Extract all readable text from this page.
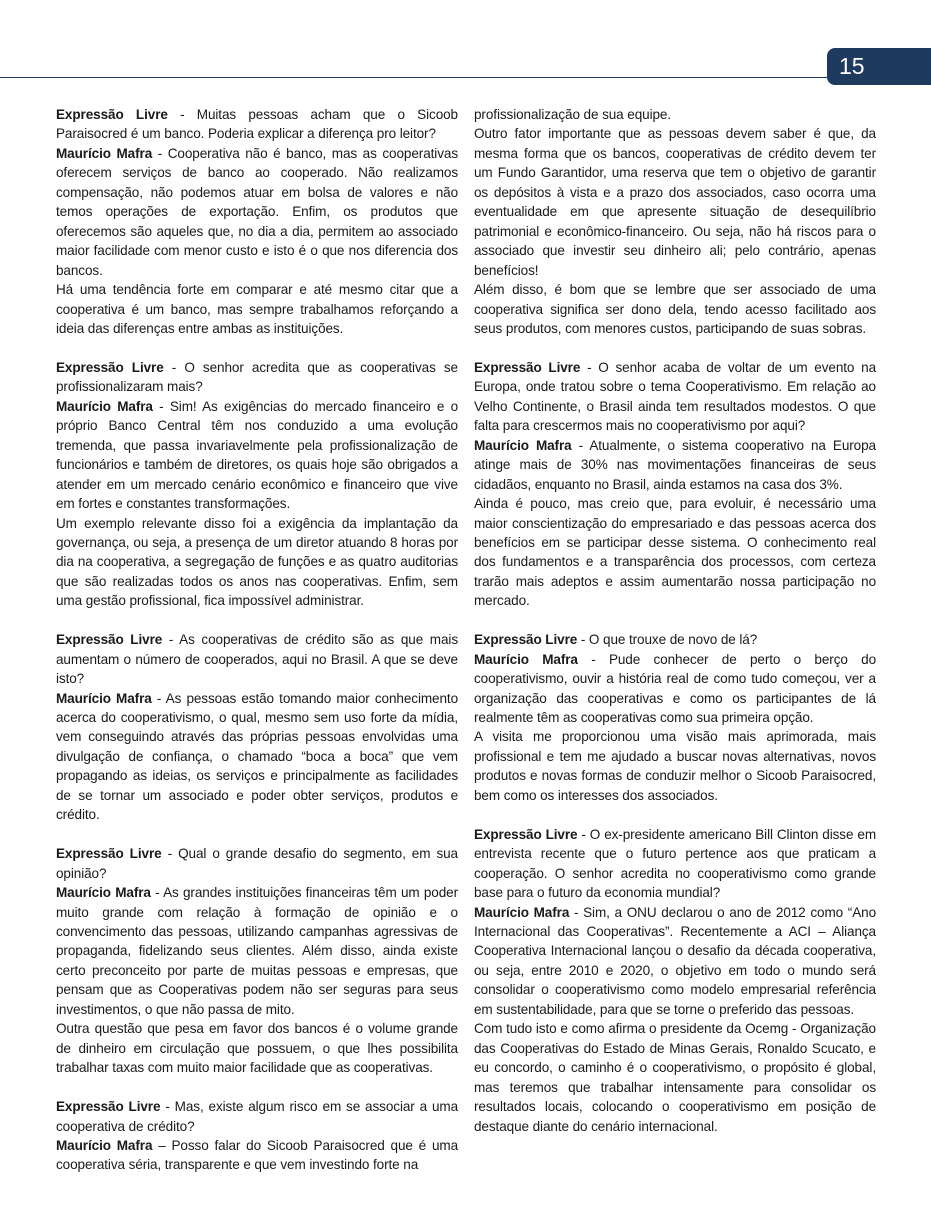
15

Expressão Livre - Muitas pessoas acham que o Sicoob Paraisocred é um banco. Poderia explicar a diferença pro leitor?

Maurício Mafra - Cooperativa não é banco, mas as cooperativas oferecem serviços de banco ao cooperado. Não realizamos compensação, não podemos atuar em bolsa de valores e não temos operações de exportação. Enfim, os produtos que oferecemos são aqueles que, no dia a dia, permitem ao associado maior facilidade com menor custo e isto é o que nos diferencia dos bancos.

Há uma tendência forte em comparar e até mesmo citar que a cooperativa é um banco, mas sempre trabalhamos reforçando a ideia das diferenças entre ambas as instituições.

Expressão Livre - O senhor acredita que as cooperativas se profissionalizaram mais?

Maurício Mafra - Sim! As exigências do mercado financeiro e o próprio Banco Central têm nos conduzido a uma evolução tremenda, que passa invariavelmente pela profissionalização de funcionários e também de diretores, os quais hoje são obrigados a atender em um mercado cenário econômico e financeiro que vive em fortes e constantes transformações.

Um exemplo relevante disso foi a exigência da implantação da governança, ou seja, a presença de um diretor atuando 8 horas por dia na cooperativa, a segregação de funções e as quatro auditorias que são realizadas todos os anos nas cooperativas. Enfim, sem uma gestão profissional, fica impossível administrar.

Expressão Livre - As cooperativas de crédito são as que mais aumentam o número de cooperados, aqui no Brasil. A que se deve isto?

Maurício Mafra - As pessoas estão tomando maior conhecimento acerca do cooperativismo, o qual, mesmo sem uso forte da mídia, vem conseguindo através das próprias pessoas envolvidas uma divulgação de confiança, o chamado “boca a boca” que vem propagando as ideias, os serviços e principalmente as facilidades de se tornar um associado e poder obter serviços, produtos e crédito.

Expressão Livre - Qual o grande desafio do segmento, em sua opinião?

Maurício Mafra - As grandes instituições financeiras têm um poder muito grande com relação à formação de opinião e o convencimento das pessoas, utilizando campanhas agressivas de propaganda, fidelizando seus clientes. Além disso, ainda existe certo preconceito por parte de muitas pessoas e empresas, que pensam que as Cooperativas podem não ser seguras para seus investimentos, o que não passa de mito.

Outra questão que pesa em favor dos bancos é o volume grande de dinheiro em circulação que possuem, o que lhes possibilita trabalhar taxas com muito maior facilidade que as cooperativas.

Expressão Livre - Mas, existe algum risco em se associar a uma cooperativa de crédito?

Maurício Mafra – Posso falar do Sicoob Paraisocred que é uma cooperativa séria, transparente e que vem investindo forte na

profissionalização de sua equipe.

Outro fator importante que as pessoas devem saber é que, da mesma forma que os bancos, cooperativas de crédito devem ter um Fundo Garantidor, uma reserva que tem o objetivo de garantir os depósitos à vista e a prazo dos associados, caso ocorra uma eventualidade em que apresente situação de desequilíbrio patrimonial e econômico-financeiro. Ou seja, não há riscos para o associado que investir seu dinheiro ali; pelo contrário, apenas benefícios!

Além disso, é bom que se lembre que ser associado de uma cooperativa significa ser dono dela, tendo acesso facilitado aos seus produtos, com menores custos, participando de suas sobras.

Expressão Livre - O senhor acaba de voltar de um evento na Europa, onde tratou sobre o tema Cooperativismo. Em relação ao Velho Continente, o Brasil ainda tem resultados modestos. O que falta para crescermos mais no cooperativismo por aqui?

Maurício Mafra - Atualmente, o sistema cooperativo na Europa atinge mais de 30% nas movimentações financeiras de seus cidadãos, enquanto no Brasil, ainda estamos na casa dos 3%.

Ainda é pouco, mas creio que, para evoluir, é necessário uma maior conscientização do empresariado e das pessoas acerca dos benefícios em se participar desse sistema. O conhecimento real dos fundamentos e a transparência dos processos, com certeza trarão mais adeptos e assim aumentarão nossa participação no mercado.

Expressão Livre - O que trouxe de novo de lá?

Maurício Mafra - Pude conhecer de perto o berço do cooperativismo, ouvir a história real de como tudo começou, ver a organização das cooperativas e como os participantes de lá realmente têm as cooperativas como sua primeira opção.

A visita me proporcionou uma visão mais aprimorada, mais profissional e tem me ajudado a buscar novas alternativas, novos produtos e novas formas de conduzir melhor o Sicoob Paraisocred, bem como os interesses dos associados.

Expressão Livre - O ex-presidente americano Bill Clinton disse em entrevista recente que o futuro pertence aos que praticam a cooperação. O senhor acredita no cooperativismo como grande base para o futuro da economia mundial?

Maurício Mafra - Sim, a ONU declarou o ano de 2012 como “Ano Internacional das Cooperativas”. Recentemente a ACI – Aliança Cooperativa Internacional lançou o desafio da década cooperativa, ou seja, entre 2010 e 2020, o objetivo em todo o mundo será consolidar o cooperativismo como modelo empresarial referência em sustentabilidade, para que se torne o preferido das pessoas.

Com tudo isto e como afirma o presidente da Ocemg - Organização das Cooperativas do Estado de Minas Gerais, Ronaldo Scucato, e eu concordo, o caminho é o cooperativismo, o propósito é global, mas teremos que trabalhar intensamente para consolidar os resultados locais, colocando o cooperativismo em posição de destaque diante do cenário internacional.
